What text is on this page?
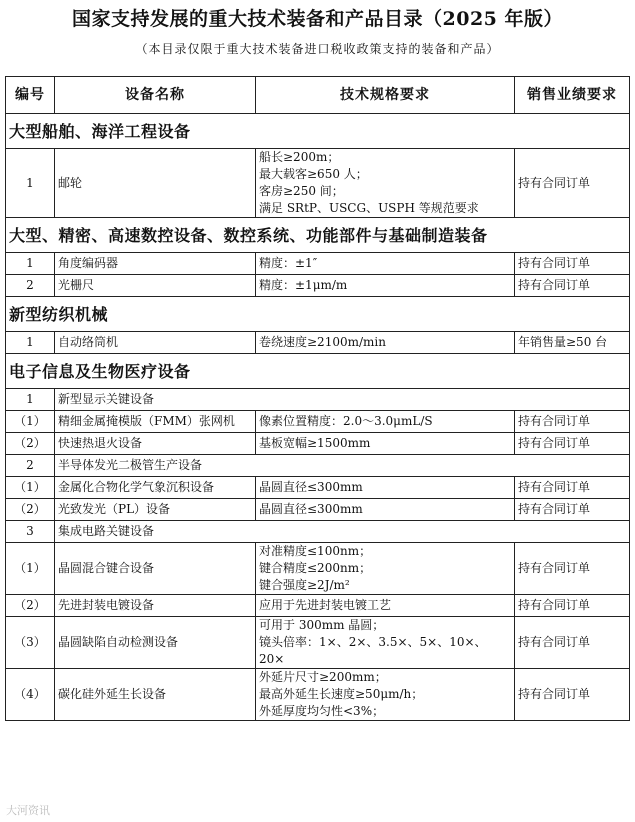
国家支持发展的重大技术装备和产品目录（2025 年版）
（本目录仅限于重大技术装备进口税收政策支持的装备和产品）
编号	设备名称	技术规格要求	销售业绩要求
大型船舶、海洋工程设备			
1	邮轮	船长≥200m；
最大载客≥650 人；
客房≥250 间；
满足 SRtP、USCG、USPH 等规范要求	持有合同订单
大型、精密、高速数控设备、数控系统、功能部件与基础制造装备			
1	角度编码器	精度：±1″	持有合同订单
2	光栅尺	精度：±1μm/m	持有合同订单
新型纺织机械			
1	自动络筒机	卷绕速度≥2100m/min	年销售量≥50 台
电子信息及生物医疗设备			
1	新型显示关键设备		
（1）	精细金属掩模版（FMM）张网机	像素位置精度：2.0～3.0μmL/S	持有合同订单
（2）	快速热退火设备	基板宽幅≥1500mm	持有合同订单
2	半导体发光二极管生产设备		
（1）	金属化合物化学气象沉积设备	晶圆直径≤300mm	持有合同订单
（2）	光致发光（PL）设备	晶圆直径≤300mm	持有合同订单
3	集成电路关键设备		
（1）	晶圆混合键合设备	对准精度≤100nm；
键合精度≤200nm；
键合强度≥2J/m²	持有合同订单
（2）	先进封装电镀设备	应用于先进封装电镀工艺	持有合同订单
（3）	晶圆缺陷自动检测设备	可用于 300mm 晶圆；
镜头倍率：1×、2×、3.5×、5×、10×、
20×	持有合同订单
（4）	碳化硅外延生长设备	外延片尺寸≥200mm；
最高外延生长速度≥50μm/h；
外延厚度均匀性<3%；	持有合同订单
大河资讯
